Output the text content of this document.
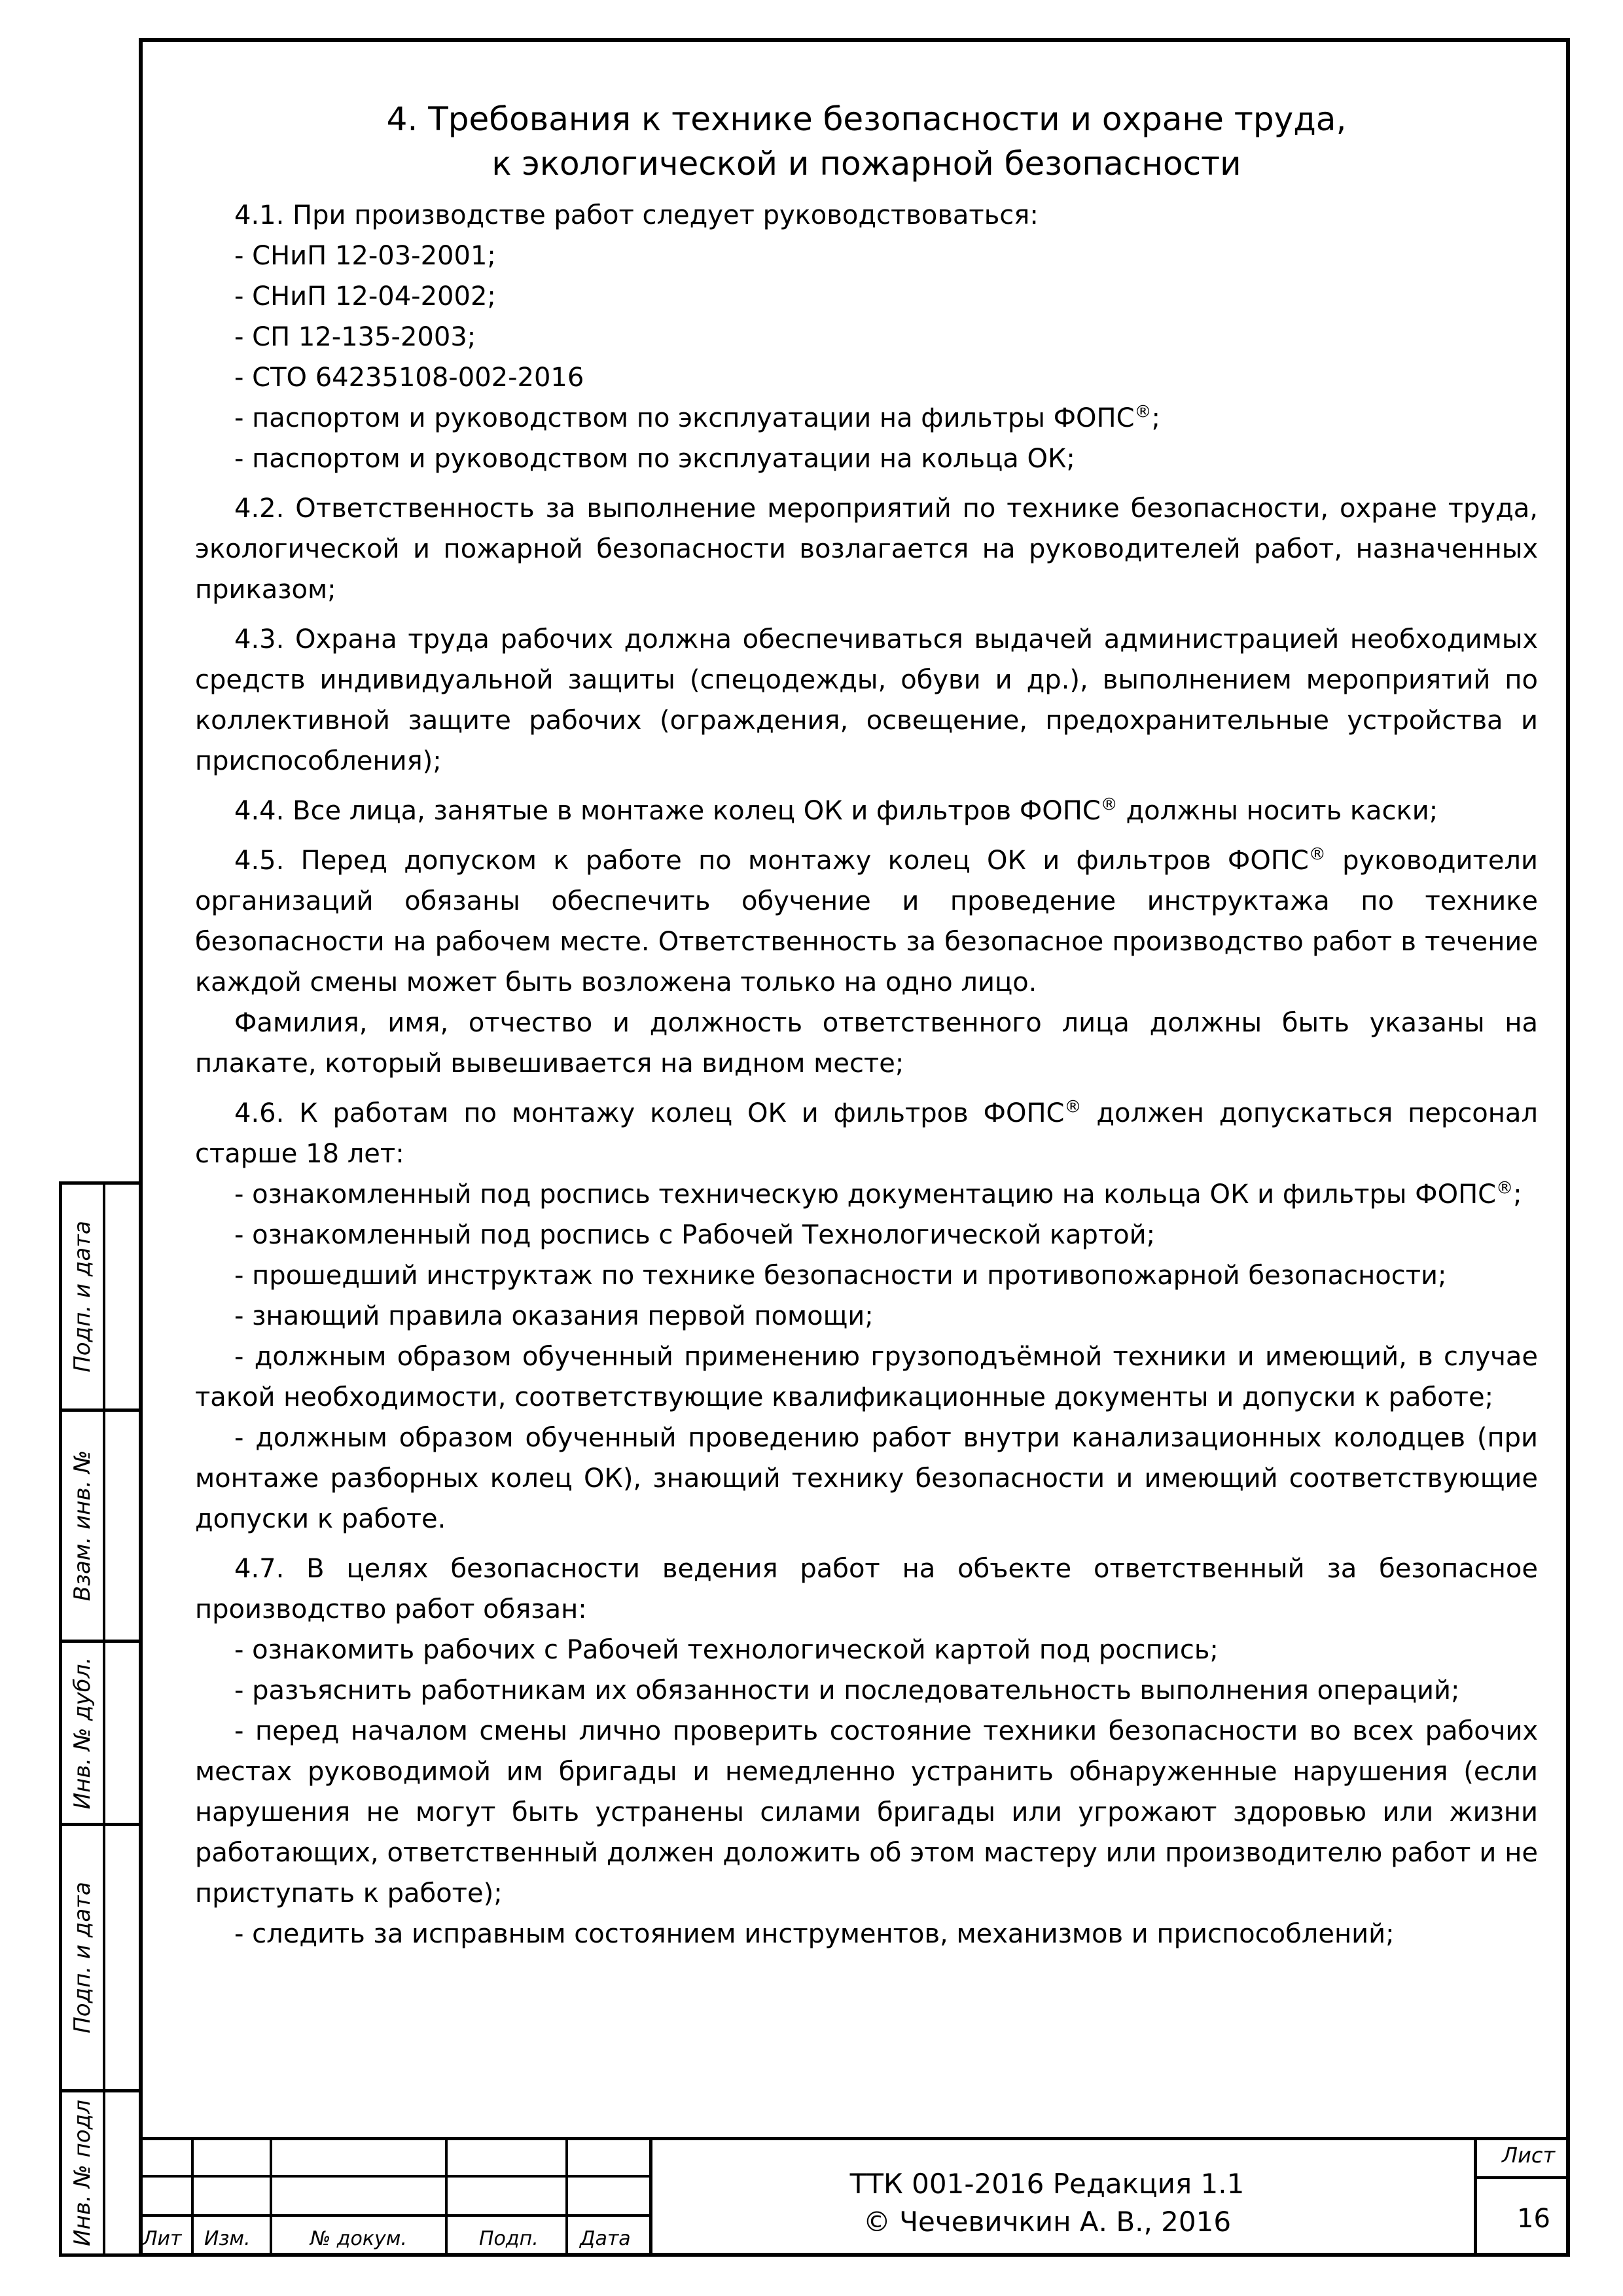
4. Требования к технике безопасности и охране труда,
к экологической и пожарной безопасности

4.1. При производстве работ следует руководствоваться:

- СНиП 12-03-2001;

- СНиП 12-04-2002;

- СП 12-135-2003;

- СТО 64235108-002-2016

- паспортом и руководством по эксплуатации на фильтры ФОПС®;

- паспортом и руководством по эксплуатации на кольца ОК;

4.2. Ответственность за выполнение мероприятий по технике безопасности, охране труда, экологической и пожарной безопасности возлагается на руководителей работ, назначенных приказом;

4.3. Охрана труда рабочих должна обеспечиваться выдачей администрацией необходимых средств индивидуальной защиты (спецодежды, обуви и др.), выполнением мероприятий по коллективной защите рабочих (ограждения, освещение, предохранительные устройства и приспособления);

4.4. Все лица, занятые в монтаже колец ОК и фильтров ФОПС® должны носить каски;

4.5. Перед допуском к работе по монтажу колец ОК и фильтров ФОПС® руководители организаций обязаны обеспечить обучение и проведение инструктажа по технике безопасности на рабочем месте. Ответственность за безопасное производство работ в течение каждой смены может быть возложена только на одно лицо.

Фамилия, имя, отчество и должность ответственного лица должны быть указаны на плакате, который вывешивается на видном месте;

4.6. К работам по монтажу колец ОК и фильтров ФОПС® должен допускаться персонал старше 18 лет:

- ознакомленный под роспись техническую документацию на кольца ОК и фильтры ФОПС®;

- ознакомленный под роспись с Рабочей Технологической картой;

- прошедший инструктаж по технике безопасности и противопожарной безопасности;

- знающий правила оказания первой помощи;

- должным образом обученный применению грузоподъёмной техники и имеющий, в случае такой необходимости, соответствующие квалификационные документы и допуски к работе;

- должным образом обученный проведению работ внутри канализационных колодцев (при монтаже разборных колец ОК), знающий технику безопасности и имеющий соответствующие допуски к работе.

4.7. В целях безопасности ведения работ на объекте ответственный за безопасное производство работ обязан:

- ознакомить рабочих с Рабочей технологической картой под роспись;

- разъяснить работникам их обязанности и последовательность выполнения операций;

- перед началом смены лично проверить состояние техники безопасности во всех рабочих местах руководимой им бригады и немедленно устранить обнаруженные нарушения (если нарушения не могут быть устранены силами бригады или угрожают здоровью или жизни работающих, ответственный должен доложить об этом мастеру или производителю работ и не приступать к работе);

- следить за исправным состоянием инструментов, механизмов и приспособлений;

Подп. и дата
Взам. инв. №
Инв. № дубл.
Подп. и дата
Инв. № подл Лит Изм.	№ докум.	Подп. Дата
ТТК 001-2016 Редакция 1.1
© Чечевичкин А. В., 2016
Лист
16
